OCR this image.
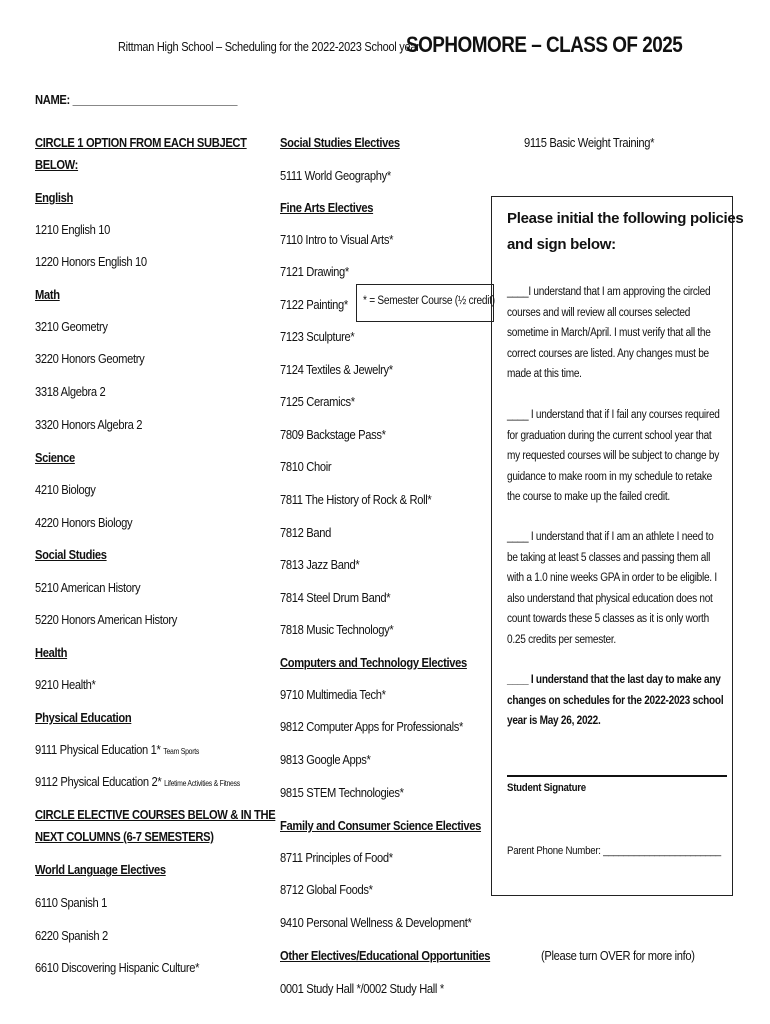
Rittman High School – Scheduling for the 2022-2023 School year
SOPHOMORE – CLASS OF 2025
NAME: ____________________________
CIRCLE 1 OPTION FROM EACH SUBJECT
BELOW:
English
1210 English 10
1220 Honors English 10
Math
3210 Geometry
3220 Honors Geometry
3318 Algebra 2
3320 Honors Algebra 2
Science
4210 Biology
4220 Honors Biology
Social Studies
5210 American History
5220 Honors American History
Health
9210 Health*
Physical Education
9111 Physical Education 1* Team Sports
9112 Physical Education 2* Lifetime Activities & Fitness
CIRCLE ELECTIVE COURSES BELOW & IN THE
NEXT COLUMNS (6-7 SEMESTERS)
World Language Electives
6110 Spanish 1
6220 Spanish 2
6610 Discovering Hispanic Culture*
Social Studies Electives
5111 World Geography*
Fine Arts Electives
7110 Intro to Visual Arts*
7121 Drawing*
7122 Painting*
7123 Sculpture*
7124 Textiles & Jewelry*
7125 Ceramics*
7809 Backstage Pass*
7810 Choir
7811 The History of Rock & Roll*
7812 Band
7813 Jazz Band*
7814 Steel Drum Band*
7818 Music Technology*
Computers and Technology Electives
9710 Multimedia Tech*
9812 Computer Apps for Professionals*
9813 Google Apps*
9815 STEM Technologies*
Family and Consumer Science Electives
8711 Principles of Food*
8712 Global Foods*
9410 Personal Wellness & Development*
Other Electives/Educational Opportunities
0001 Study Hall */0002 Study Hall *
9115 Basic Weight Training*
* = Semester Course (½ credit)
Please initial the following policies and sign below:
____I understand that I am approving the circled courses and will review all courses selected sometime in March/April. I must verify that all the correct courses are listed. Any changes must be made at this time.
____ I understand that if I fail any courses required for graduation during the current school year that my requested courses will be subject to change by guidance to make room in my schedule to retake the course to make up the failed credit.
____ I understand that if I am an athlete I need to be taking at least 5 classes and passing them all with a 1.0 nine weeks GPA in order to be eligible. I also understand that physical education does not count towards these 5 classes as it is only worth 0.25 credits per semester.
____ I understand that the last day to make any changes on schedules for the 2022-2023 school year is May 26, 2022.
Student Signature
Parent Phone Number: _______________________
(Please turn OVER for more info)
